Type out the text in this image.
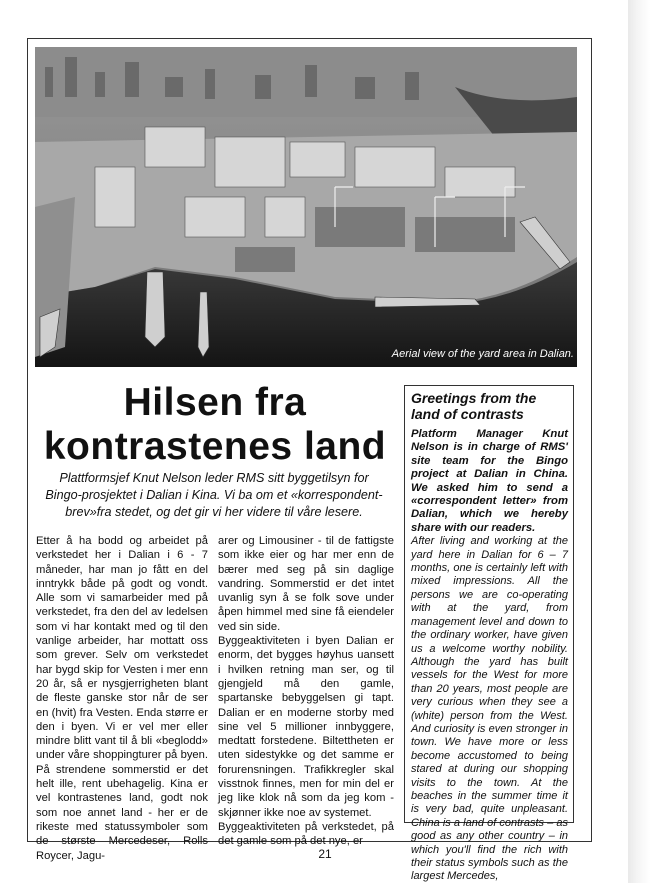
Aerial view of the yard area in Dalian.
Hilsen fra
kontrastenes land
Plattformsjef Knut Nelson leder RMS sitt byggetilsyn for Bingo-prosjektet i Dalian i Kina. Vi ba om et «korrespondent-brev»fra stedet, og det gir vi her videre til våre lesere.
Etter å ha bodd og arbeidet på verkstedet her i Dalian i 6 - 7 måneder, har man jo fått en del inntrykk både på godt og vondt. Alle som vi samarbeider med på verkstedet, fra den del av ledelsen som vi har kontakt med og til den vanlige arbeider, har mottatt oss som grever. Selv om verkstedet har bygd skip for Vesten i mer enn 20 år, så er nysgjerrigheten blant de fleste ganske stor når de ser en (hvit) fra Vesten. Enda større er den i byen. Vi er vel mer eller mindre blitt vant til å bli «beglodd» under våre shoppingturer på byen. På strendene sommerstid er det helt ille, rent ubehagelig. Kina er vel kontrastenes land, godt nok som noe annet land - her er de rikeste med statussymboler som de største Mercedeser, Rolls Roycer, Jagu-
arer og Limousiner - til de fattigste som ikke eier og har mer enn de bærer med seg på sin daglige vandring. Sommerstid er det intet uvanlig syn å se folk sove under åpen himmel med sine få eiendeler ved sin side.
Byggeaktiviteten i byen Dalian er enorm, det bygges høyhus uansett i hvilken retning man ser, og til gjengjeld må den gamle, spartanske bebyggelsen gi tapt. Dalian er en moderne storby med sine vel 5 millioner innbyggere, medtatt forstedene. Biltettheten er uten sidestykke og det samme er forurensningen. Trafikkregler skal visstnok finnes, men for min del er jeg like klok nå som da jeg kom - skjønner ikke noe av systemet.
Byggeaktiviteten på verkstedet, på det gamle som på det nye, er
Greetings from the land of contrasts

Platform Manager Knut Nelson is in charge of RMS' site team for the Bingo project at Dalian in China. We asked him to send a «correspondent letter» from Dalian, which we hereby share with our readers.

After living and working at the yard here in Dalian for 6 – 7 months, one is certainly left with mixed impressions. All the persons we are co-operating with at the yard, from management level and down to the ordinary worker, have given us a welcome worthy nobility. Although the yard has built vessels for the West for more than 20 years, most people are very curious when they see a (white) person from the West. And curiosity is even stronger in town. We have more or less become accustomed to being stared at during our shopping visits to the town. At the beaches in the summer time it is very bad, quite unpleasant. China is a land of contrasts – as good as any other country – in which you'll find the rich with their status symbols such as the largest Mercedes,

21
